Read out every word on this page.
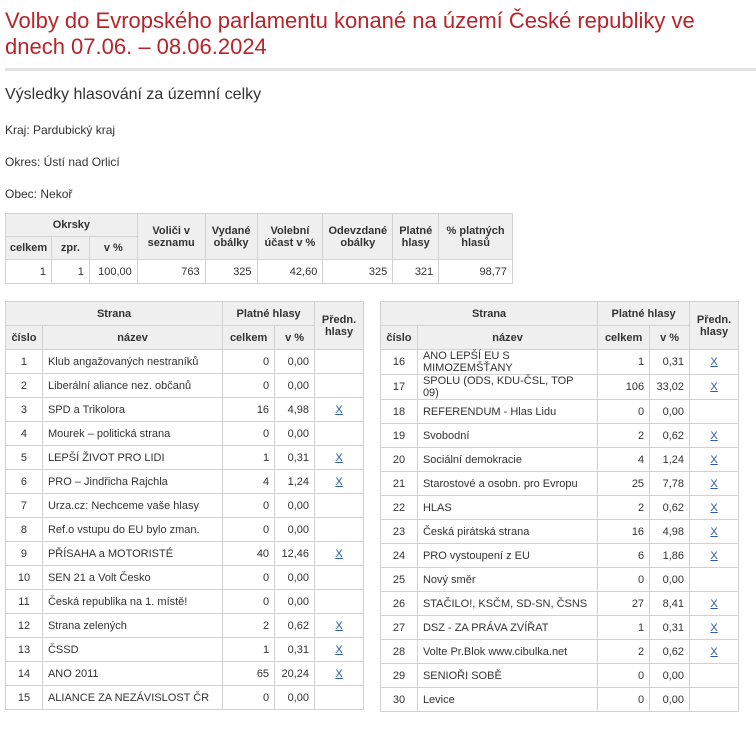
Volby do Evropského parlamentu konané na území České republiky ve dnech 07.06. – 08.06.2024
Výsledky hlasování za územní celky
Kraj: Pardubický kraj
Okres: Ústí nad Orlicí
Obec: Nekoř
Okrsky			Voliči v seznamu	Vydané obálky	Volební účast v %	Odevzdané obálky	Platné hlasy	% platných hlasů
celkem	zpr.	v %						
1	1	100,00	763	325	42,60	325	321	98,77
Strana		Platné hlasy		Předn. hlasy
číslo	název	celkem	v %	
1	Klub angažovaných nestraníků	0	0,00	
2	Liberální aliance nez. občanů	0	0,00	
3	SPD a Trikolora	16	4,98	X
4	Mourek – politická strana	0	0,00	
5	LEPŠÍ ŽIVOT PRO LIDI	1	0,31	X
6	PRO – Jindřicha Rajchla	4	1,24	X
7	Urza.cz: Nechceme vaše hlasy	0	0,00	
8	Ref.o vstupu do EU bylo zman.	0	0,00	
9	PŘÍSAHA a MOTORISTÉ	40	12,46	X
10	SEN 21 a Volt Česko	0	0,00	
11	Česká republika na 1. místě!	0	0,00	
12	Strana zelených	2	0,62	X
13	ČSSD	1	0,31	X
14	ANO 2011	65	20,24	X
15	ALIANCE ZA NEZÁVISLOST ČR	0	0,00	
Strana		Platné hlasy		Předn. hlasy
číslo	název	celkem	v %	
16	ANO LEPŠÍ EU S MIMOZEMŠŤANY	1	0,31	X
17	SPOLU (ODS, KDU-ČSL, TOP 09)	106	33,02	X
18	REFERENDUM - Hlas Lidu	0	0,00	
19	Svobodní	2	0,62	X
20	Sociální demokracie	4	1,24	X
21	Starostové a osobn. pro Evropu	25	7,78	X
22	HLAS	2	0,62	X
23	Česká pirátská strana	16	4,98	X
24	PRO vystoupení z EU	6	1,86	X
25	Nový směr	0	0,00	
26	STAČILO!, KSČM, SD-SN, ČSNS	27	8,41	X
27	DSZ - ZA PRÁVA ZVÍŘAT	1	0,31	X
28	Volte Pr.Blok www.cibulka.net	2	0,62	X
29	SENIOŘI SOBĚ	0	0,00	
30	Levice	0	0,00	
